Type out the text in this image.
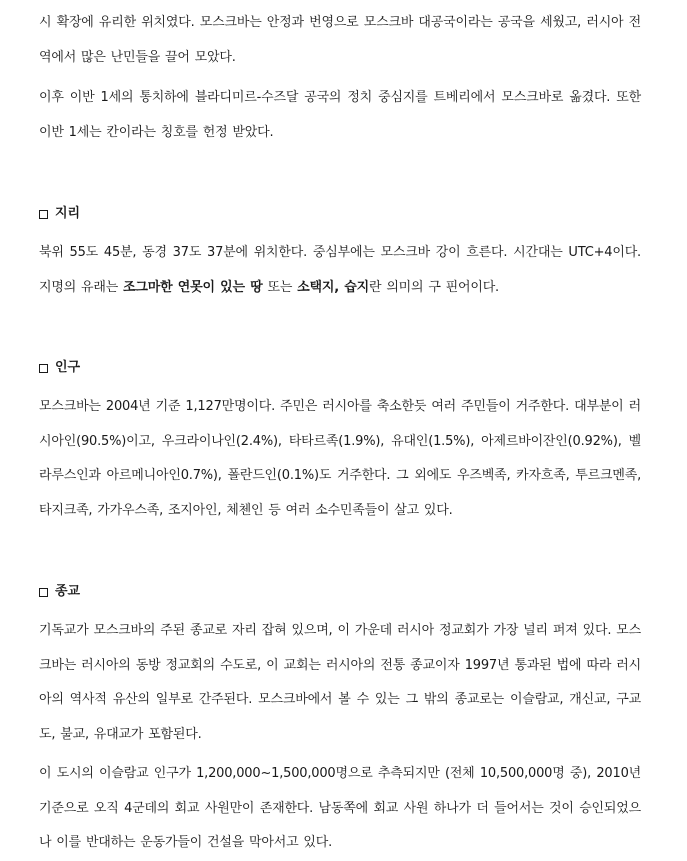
시 확장에 유리한 위치였다. 모스크바는 안정과 번영으로 모스크바 대공국이라는 공국을 세웠고, 러시아 전역에서 많은 난민들을 끌어 모았다.

이후 이반 1세의 통치하에 블라디미르-수즈달 공국의 정치 중심지를 트베리에서 모스크바로 옮겼다. 또한 이반 1세는 칸이라는 칭호를 헌정 받았다.

지리

북위 55도 45분, 동경 37도 37분에 위치한다. 중심부에는 모스크바 강이 흐른다. 시간대는 UTC+4이다. 지명의 유래는 조그마한 연못이 있는 땅 또는 소택지, 습지란 의미의 구 핀어이다.

인구

모스크바는 2004년 기준 1,127만명이다. 주민은 러시아를 축소한듯 여러 주민들이 거주한다. 대부분이 러시아인(90.5%)이고, 우크라이나인(2.4%), 타타르족(1.9%), 유대인(1.5%), 아제르바이잔인(0.92%), 벨라루스인과 아르메니아인0.7%), 폴란드인(0.1%)도 거주한다. 그 외에도 우즈벡족, 카자흐족, 투르크멘족, 타지크족, 가가우스족, 조지아인, 체첸인 등 여러 소수민족들이 살고 있다.

종교

기독교가 모스크바의 주된 종교로 자리 잡혀 있으며, 이 가운데 러시아 정교회가 가장 널리 퍼져 있다. 모스크바는 러시아의 동방 정교회의 수도로, 이 교회는 러시아의 전통 종교이자 1997년 통과된 법에 따라 러시아의 역사적 유산의 일부로 간주된다. 모스크바에서 볼 수 있는 그 밖의 종교로는 이슬람교, 개신교, 구교도, 불교, 유대교가 포함된다.

이 도시의 이슬람교 인구가 1,200,000~1,500,000명으로 추측되지만 (전체 10,500,000명 중), 2010년 기준으로 오직 4군데의 회교 사원만이 존재한다. 남동쪽에 회교 사원 하나가 더 들어서는 것이 승인되었으나 이를 반대하는 운동가들이 건설을 막아서고 있다.
